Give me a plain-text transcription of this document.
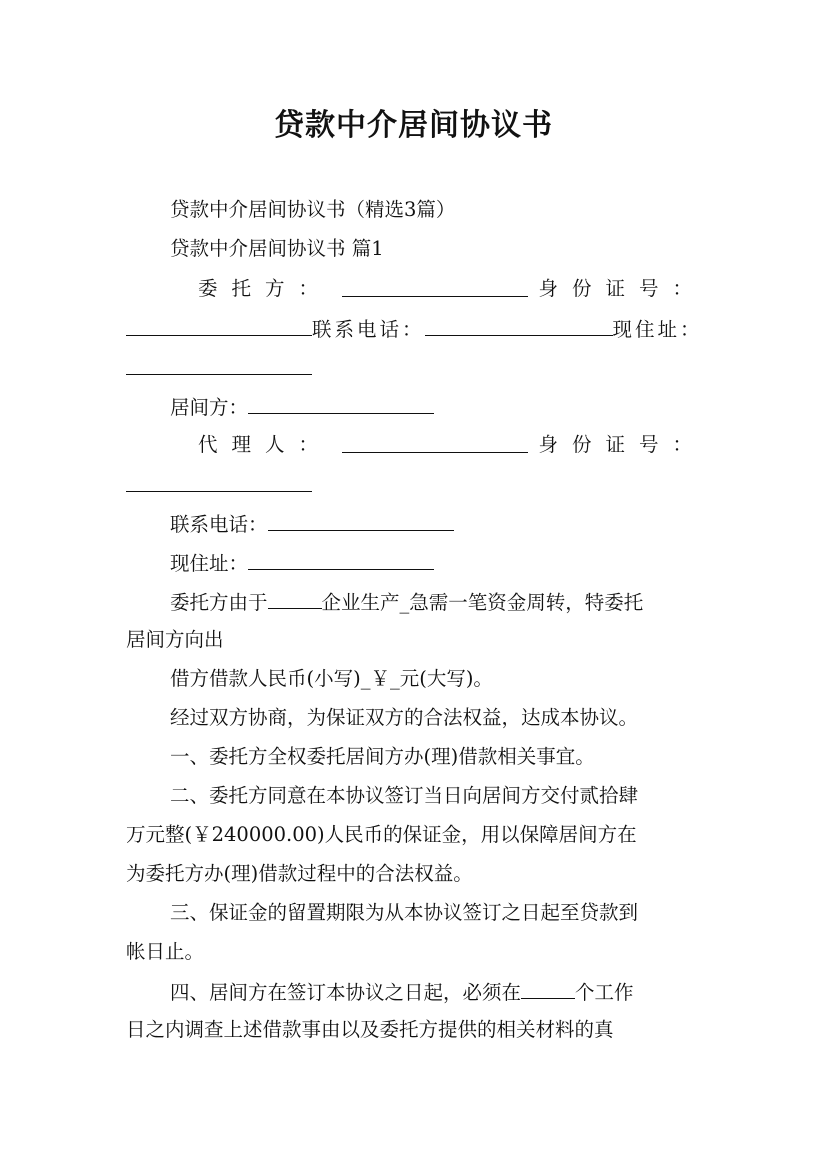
贷款中介居间协议书
贷款中介居间协议书（精选3篇）
贷款中介居间协议书 篇1
委托方：	身份证号：
联系电话：	现住址：
居间方：
代理人：	身份证号：
联系电话：
现住址：
委托方由于	企业生产_急需一笔资金周转，特委托
居间方向出
借方借款人民币(小写)_￥_元(大写)。
经过双方协商，为保证双方的合法权益，达成本协议。
一、委托方全权委托居间方办(理)借款相关事宜。
二、委托方同意在本协议签订当日向居间方交付贰拾肆
万元整(￥240000.00)人民币的保证金，用以保障居间方在
为委托方办(理)借款过程中的合法权益。
三、保证金的留置期限为从本协议签订之日起至贷款到
帐日止。
四、居间方在签订本协议之日起，必须在	个工作
日之内调查上述借款事由以及委托方提供的相关材料的真
